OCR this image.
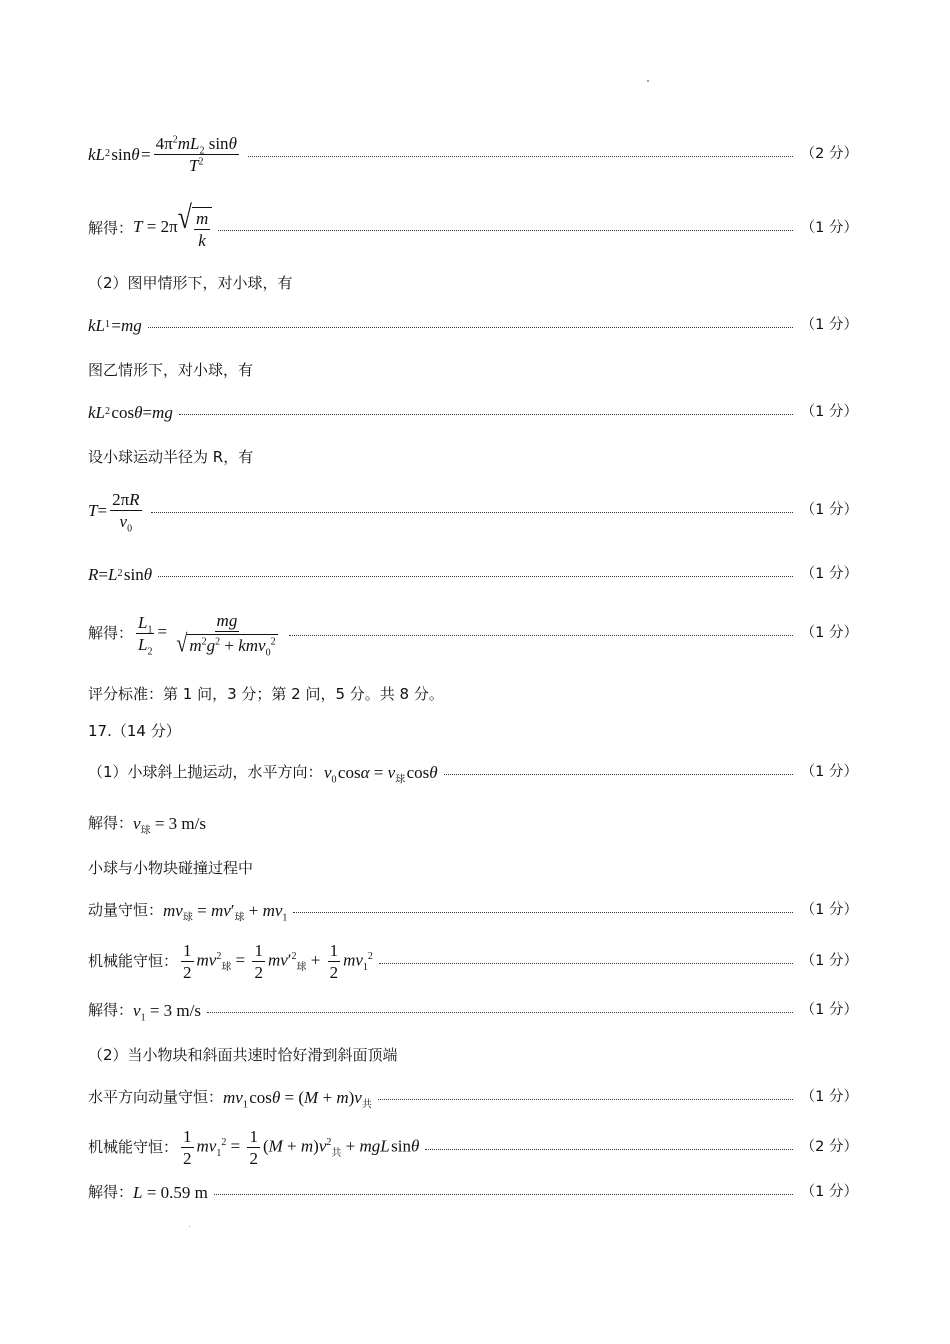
kL 2  sin θ  = $\frac{4\pi^2mL_2 \sin\theta}{T^2}$	（2 分）
解得： T = 2π √ $\frac{m}{k}$	（1 分）
（2）图甲情形下，对小球，有
kL 1  = mg	（1 分）
图乙情形下，对小球，有
kL 2  cos θ = mg	（1 分）
设小球运动半径为 R，有
$T = \frac{2\pi R}{v_0}$	（1 分）
R = L 2  sin θ	（1 分）
解得： $\frac{L_1}{L_2} = \frac{mg}{√ m^2g^2 + kmv_0^2}$	（1 分）
评分标准：第 1 问，3 分；第 2 问，5 分。共 8 分。
17.（14 分）
（1）小球斜上抛运动，水平方向：
  $v_0$ $\cos\alpha = v_球$ cosθ	（1 分）
解得： $v_球 = 3$ m/s
小球与小物块碰撞过程中
动量守恒： $mv_球 = mv'_球 + mv_1$	（1 分）
机械能守恒： $\frac{1}{2} mv^2_球 = \frac{1}{2} mv'^2_球 + \frac{1}{2} mv_1^2$	（1 分）
解得： $v_1 = 3$ m/s	（1 分）
（2）当小物块和斜面共速时恰好滑到斜面顶端
水平方向动量守恒： $mv_1$ $\cos\theta = (M + m)v_共$	（1 分）
机械能守恒： $\frac{1}{2} mv_1^2 = \frac{1}{2} (M + m)v^2_共$ + mgL sinθ	（2 分）
解得： L = 0.59 m	（1 分）
